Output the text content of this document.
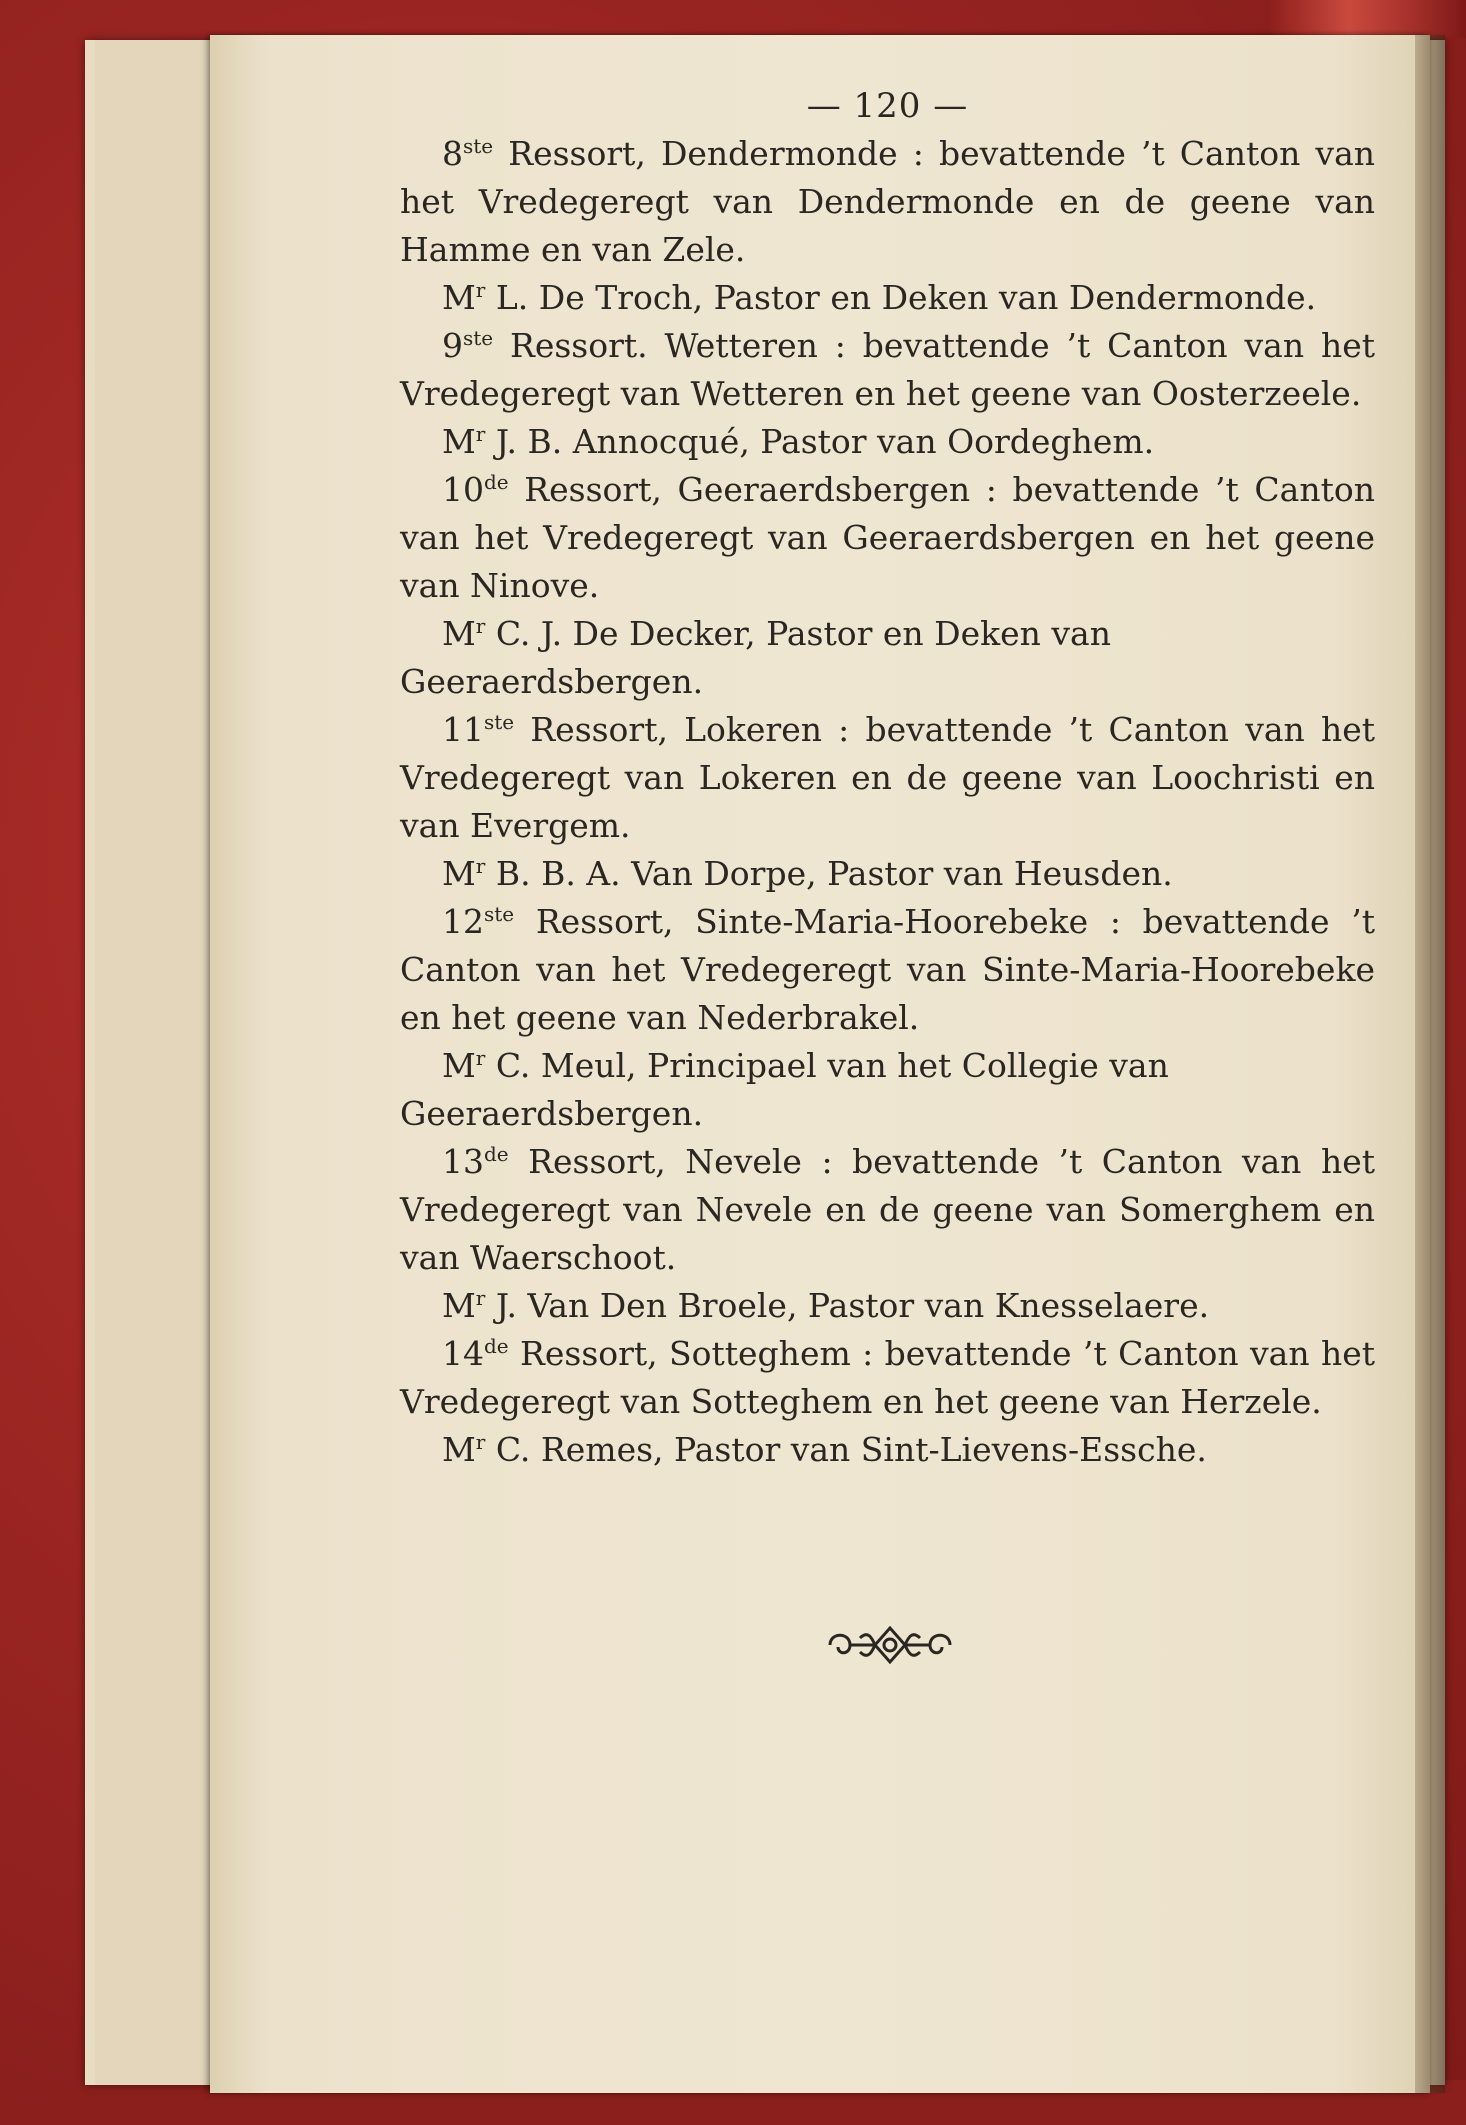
— 120 —

8ste Ressort, Dendermonde : bevattende ’t Canton van het Vredegeregt van Dendermonde en de geene van Hamme en van Zele.

$M^r$ L. De Troch, Pastor en Deken van Dendermonde.

9ste Ressort. Wetteren : bevattende ’t Canton van het Vredegeregt van Wetteren en het geene van Oosterzeele.

$M^r$ J. B. Annocqué, Pastor van Oordeghem.

10de Ressort, Geeraerdsbergen : bevattende ’t Canton van het Vredegeregt van Geeraerdsbergen en het geene van Ninove.

$M^r$ C. J. De Decker, Pastor en Deken van Geeraerdsbergen.

11ste Ressort, Lokeren : bevattende ’t Canton van het Vredegeregt van Lokeren en de geene van Loochristi en van Evergem.

$M^r$ B. B. A. Van Dorpe, Pastor van Heusden.

12ste Ressort, Sinte-Maria-Hoorebeke : bevattende ’t Canton van het Vredegeregt van Sinte-Maria-Hoorebeke en het geene van Nederbrakel.

$M^r$ C. Meul, Principael van het Collegie van Geeraerdsbergen.

13de Ressort, Nevele : bevattende ’t Canton van het Vredegeregt van Nevele en de geene van Somerghem en van Waerschoot.

$M^r$ J. Van Den Broele, Pastor van Knesselaere.

14de Ressort, Sotteghem : bevattende ’t Canton van het Vredegeregt van Sotteghem en het geene van Herzele.

$M^r$ C. Remes, Pastor van Sint-Lievens-Essche.
